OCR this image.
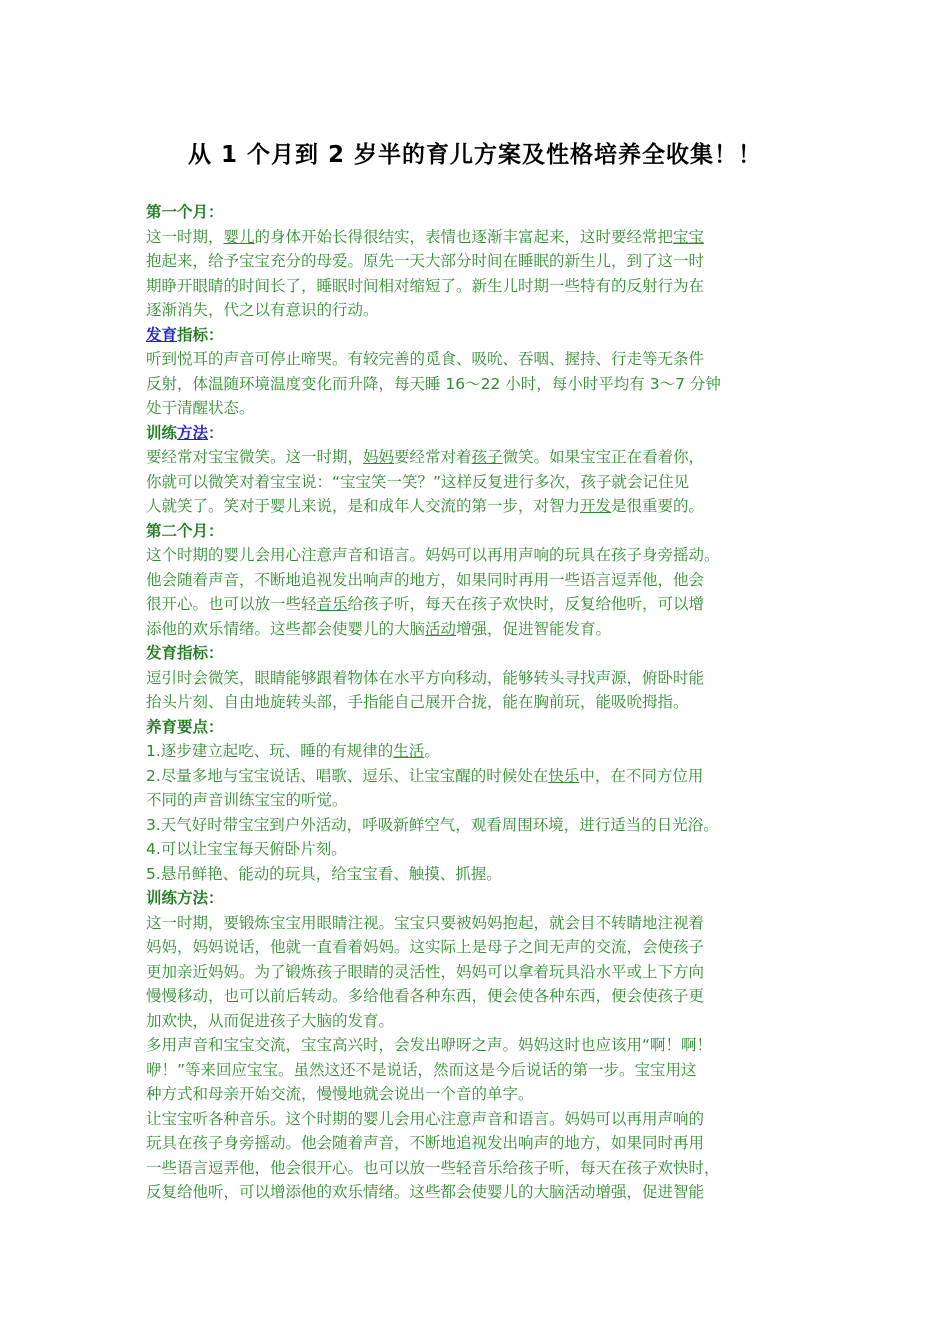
从 1 个月到 2 岁半的育儿方案及性格培养全收集！！
第一个月：
这一时期，婴儿的身体开始长得很结实，表情也逐渐丰富起来，这时要经常把宝宝
抱起来，给予宝宝充分的母爱。原先一天大部分时间在睡眠的新生儿，到了这一时
期睁开眼睛的时间长了，睡眠时间相对缩短了。新生儿时期一些特有的反射行为在
逐渐消失，代之以有意识的行动。
发育指标：
听到悦耳的声音可停止啼哭。有较完善的觅食、吸吮、吞咽、握持、行走等无条件
反射，体温随环境温度变化而升降，每天睡 16～22 小时，每小时平均有 3～7 分钟
处于清醒状态。
训练方法：
要经常对宝宝微笑。这一时期，妈妈要经常对着孩子微笑。如果宝宝正在看着你，
你就可以微笑对着宝宝说：“宝宝笑一笑？”这样反复进行多次，孩子就会记住见
人就笑了。笑对于婴儿来说，是和成年人交流的第一步，对智力开发是很重要的。
第二个月：
这个时期的婴儿会用心注意声音和语言。妈妈可以再用声响的玩具在孩子身旁摇动。
他会随着声音，不断地追视发出响声的地方，如果同时再用一些语言逗弄他，他会
很开心。也可以放一些轻音乐给孩子听，每天在孩子欢快时，反复给他听，可以增
添他的欢乐情绪。这些都会使婴儿的大脑活动增强，促进智能发育。
发育指标：
逗引时会微笑，眼睛能够跟着物体在水平方向移动，能够转头寻找声源，俯卧时能
抬头片刻、自由地旋转头部，手指能自己展开合拢，能在胸前玩，能吸吮拇指。
养育要点：
1.逐步建立起吃、玩、睡的有规律的生活。
2.尽量多地与宝宝说话、唱歌、逗乐、让宝宝醒的时候处在快乐中，在不同方位用
不同的声音训练宝宝的听觉。
3.天气好时带宝宝到户外活动，呼吸新鲜空气，观看周围环境，进行适当的日光浴。
4.可以让宝宝每天俯卧片刻。
5.悬吊鲜艳、能动的玩具，给宝宝看、触摸、抓握。
训练方法：
这一时期，要锻炼宝宝用眼睛注视。宝宝只要被妈妈抱起，就会目不转睛地注视着
妈妈，妈妈说话，他就一直看着妈妈。这实际上是母子之间无声的交流，会使孩子
更加亲近妈妈。为了锻炼孩子眼睛的灵活性，妈妈可以拿着玩具沿水平或上下方向
慢慢移动，也可以前后转动。多给他看各种东西，便会使各种东西，便会使孩子更
加欢快，从而促进孩子大脑的发育。
多用声音和宝宝交流，宝宝高兴时，会发出咿呀之声。妈妈这时也应该用“啊！啊！
咿！”等来回应宝宝。虽然这还不是说话，然而这是今后说话的第一步。宝宝用这
种方式和母亲开始交流，慢慢地就会说出一个音的单字。
让宝宝听各种音乐。这个时期的婴儿会用心注意声音和语言。妈妈可以再用声响的
玩具在孩子身旁摇动。他会随着声音，不断地追视发出响声的地方，如果同时再用
一些语言逗弄他，他会很开心。也可以放一些轻音乐给孩子听，每天在孩子欢快时，
反复给他听，可以增添他的欢乐情绪。这些都会使婴儿的大脑活动增强，促进智能
